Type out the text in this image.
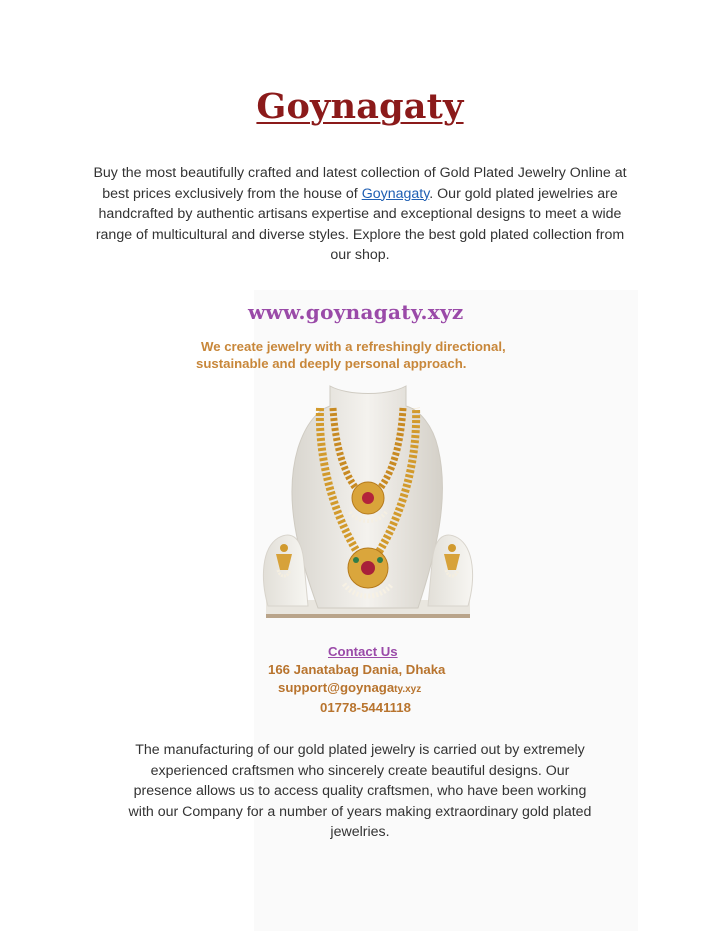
Goynagaty

Buy the most beautifully crafted and latest collection of Gold Plated Jewelry Online at best prices exclusively from the house of Goynagaty. Our gold plated jewelries are handcrafted by authentic artisans expertise and exceptional designs to meet a wide range of multicultural and diverse styles. Explore the best gold plated collection from our shop.

www.goynagaty.xyz
We create jewelry with a refreshingly directional,
sustainable and deeply personal approach.
Contact Us
166 Janatabag Dania, Dhaka
support@goynagaty.xyz
01778-5441118

The manufacturing of our gold plated jewelry is carried out by extremely experienced craftsmen who sincerely create beautiful designs. Our presence allows us to access quality craftsmen, who have been working with our Company for a number of years making extraordinary gold plated jewelries.
